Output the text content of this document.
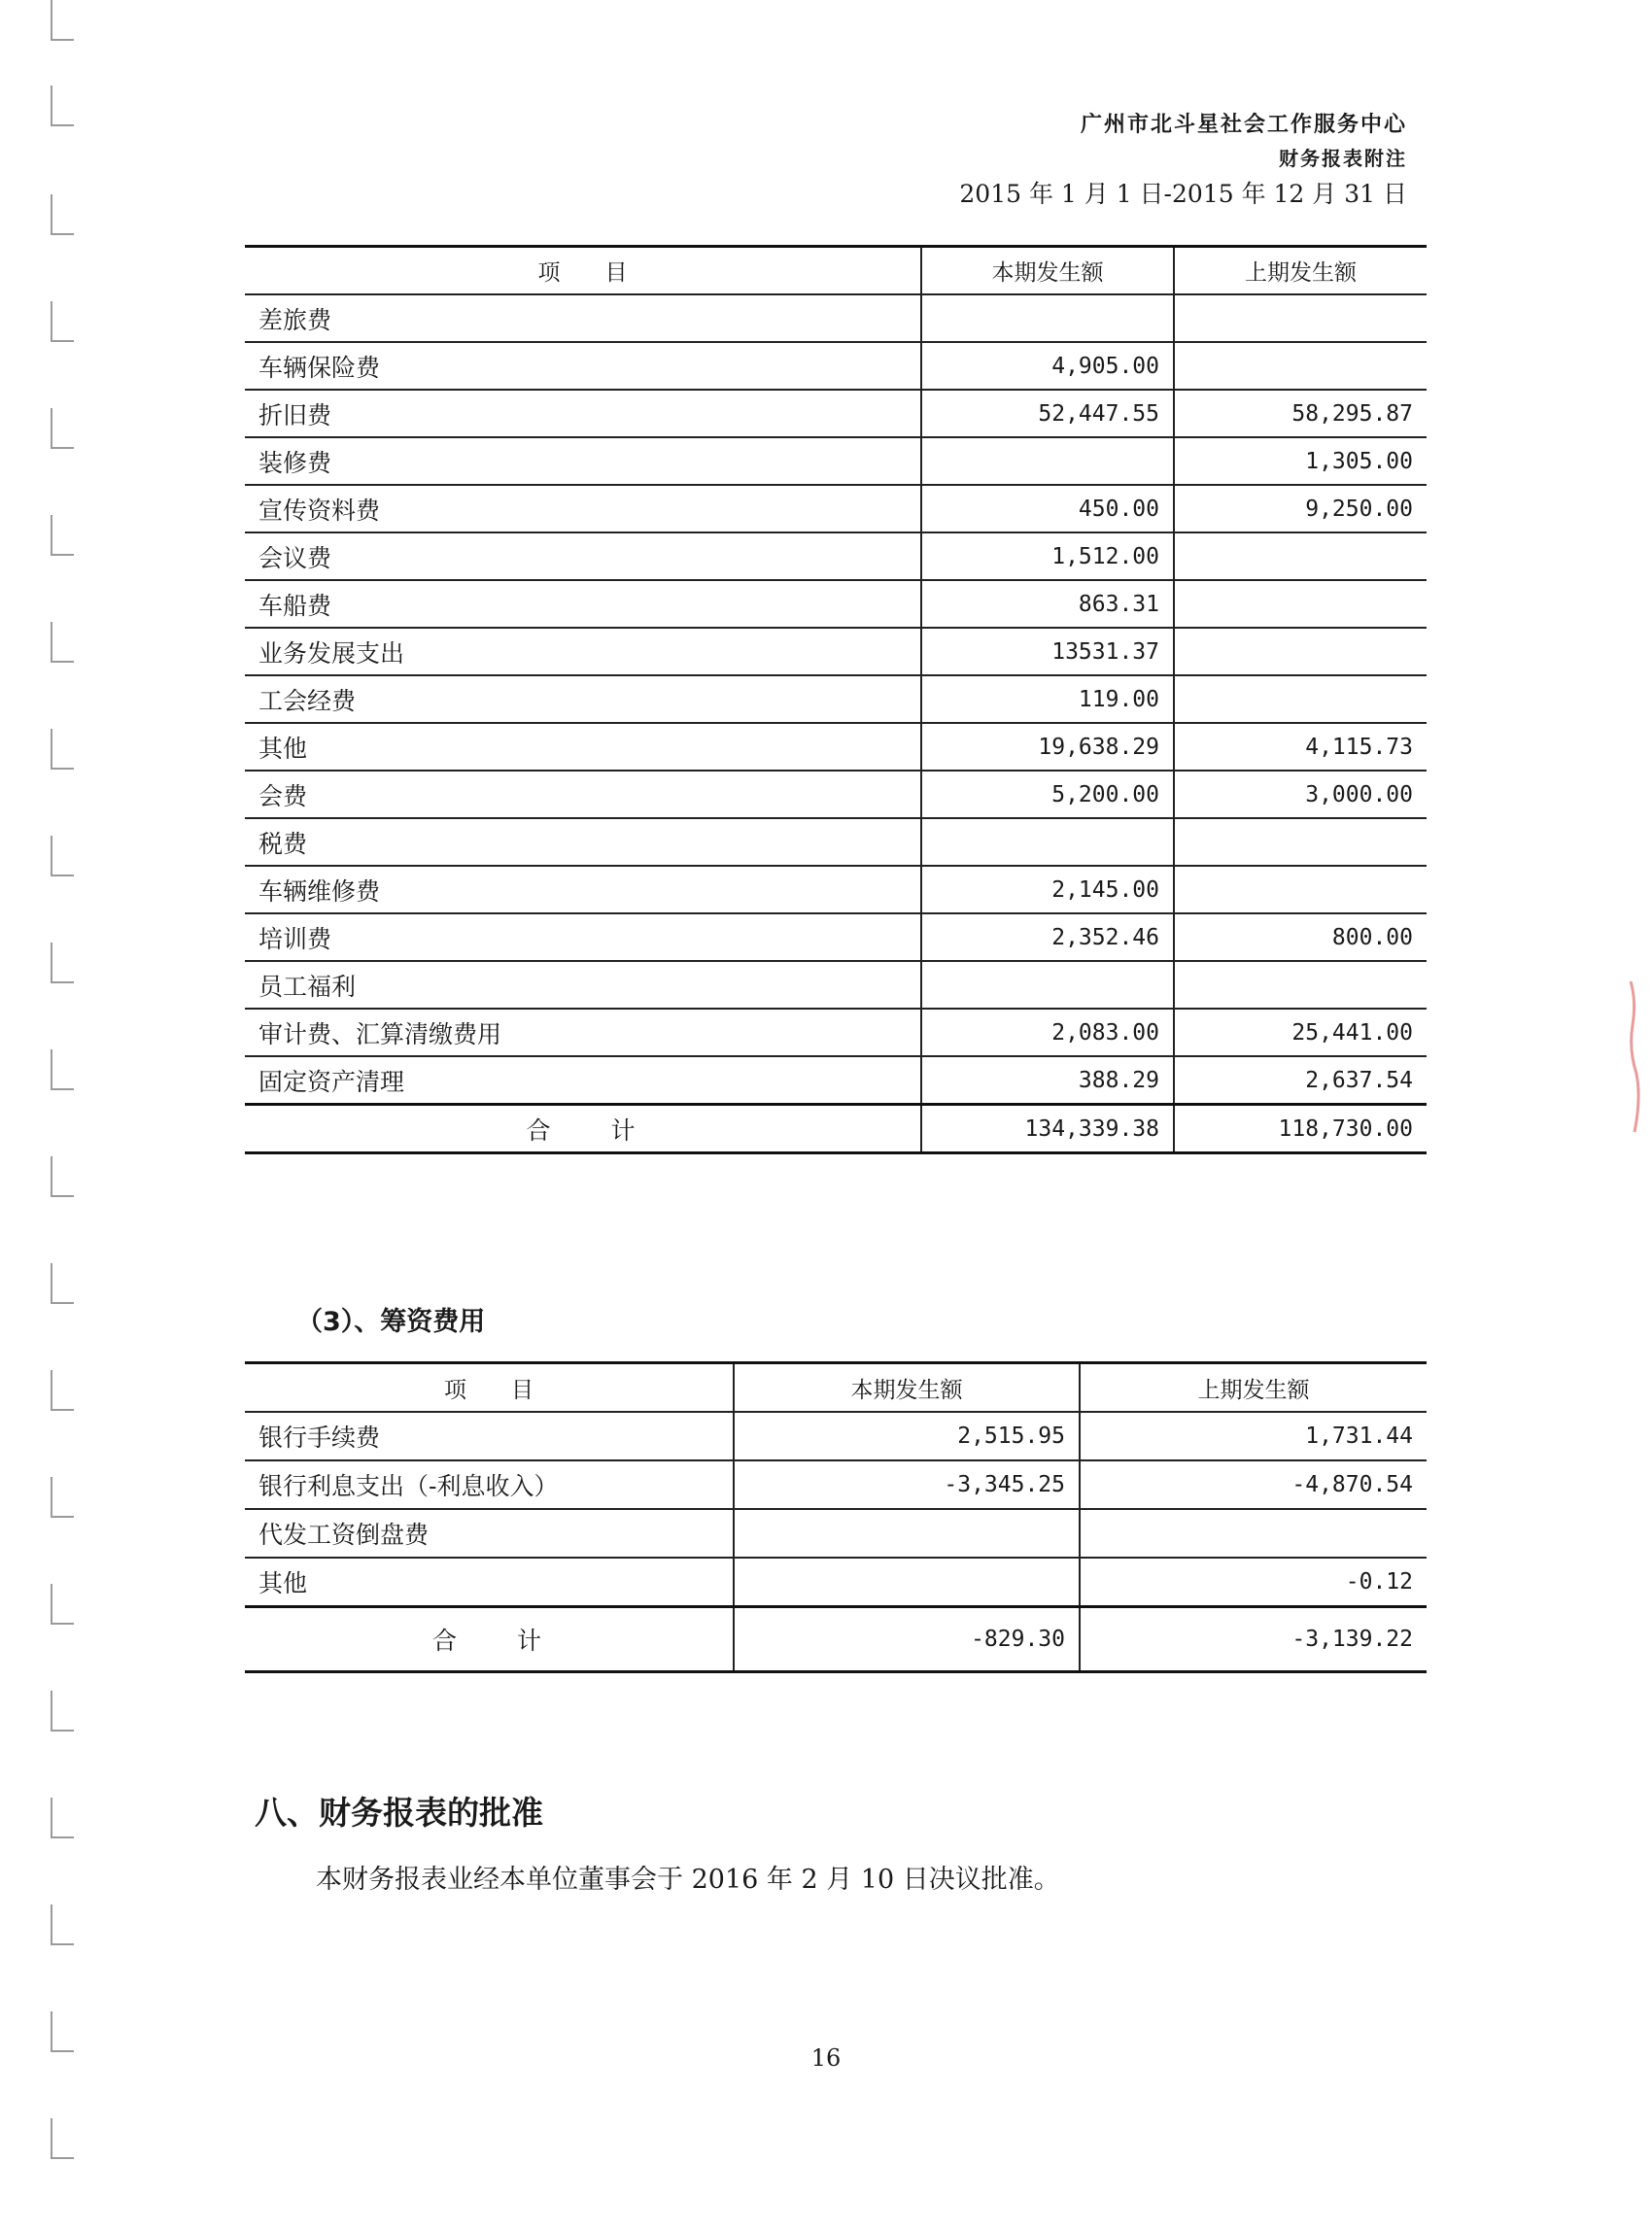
广州市北斗星社会工作服务中心
财务报表附注
2015 年 1 月 1 日-2015 年 12 月 31 日
项　　目	本期发生额	上期发生额
差旅费		
车辆保险费	4,905.00	
折旧费	52,447.55	58,295.87
装修费		1,305.00
宣传资料费	450.00	9,250.00
会议费	1,512.00	
车船费	863.31	
业务发展支出	13531.37	
工会经费	119.00	
其他	19,638.29	4,115.73
会费	5,200.00	3,000.00
税费		
车辆维修费	2,145.00	
培训费	2,352.46	800.00
员工福利		
审计费、汇算清缴费用	2,083.00	25,441.00
固定资产清理	388.29	2,637.54
合　　计	134,339.38	118,730.00
（3）、筹资费用
项　　目	本期发生额	上期发生额
银行手续费	2,515.95	1,731.44
银行利息支出（-利息收入）	-3,345.25	-4,870.54
代发工资倒盘费		
其他		-0.12
合　　计	-829.30	-3,139.22
八、财务报表的批准
本财务报表业经本单位董事会于 2016 年 2 月 10 日决议批准。
16
